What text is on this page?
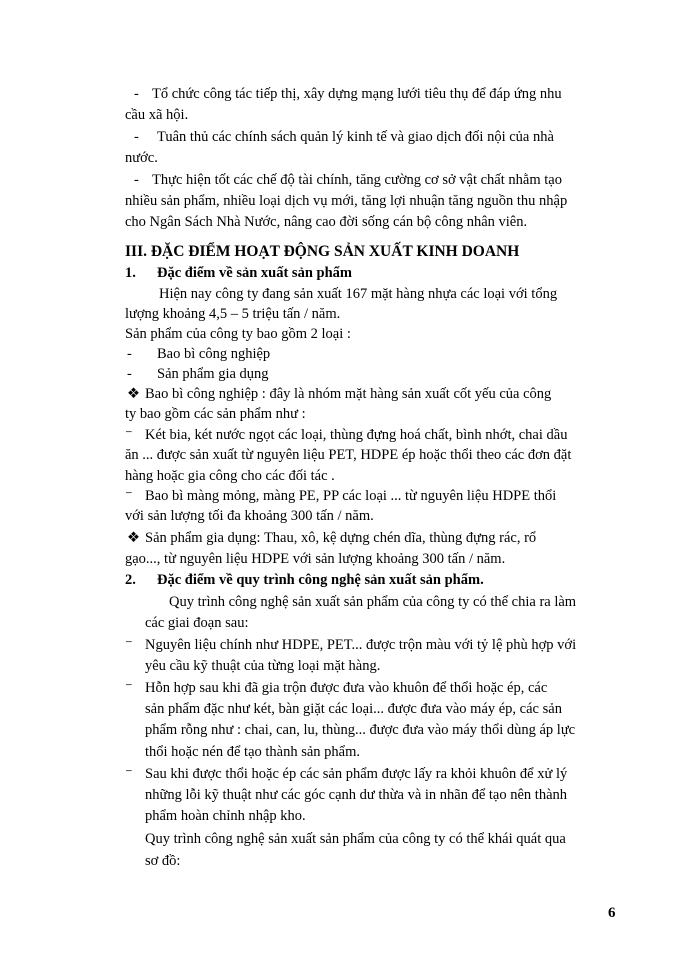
- Tổ chức công tác tiếp thị, xây dựng mạng lưới tiêu thụ để đáp ứng nhu
cầu xã hội.
- Tuân thủ các chính sách quản lý kinh tế và giao dịch đối nội của nhà
nước.
- Thực hiện tốt các chế độ tài chính, tăng cường cơ sở vật chất nhằm tạo
nhiều sản phẩm, nhiều loại dịch vụ mới, tăng lợi nhuận tăng nguồn thu nhập
cho Ngân Sách Nhà Nước, nâng cao đời sống cán bộ công nhân viên.
III. ĐẶC ĐIỂM HOẠT ĐỘNG SẢN XUẤT KINH DOANH
1. Đặc điểm về sản xuất sản phẩm
Hiện nay công ty đang sản xuất 167 mặt hàng nhựa các loại với tổng
lượng khoảng 4,5 – 5 triệu tấn / năm.
Sản phẩm của công ty bao gồm 2 loại :
- Bao bì công nghiệp
- Sản phẩm gia dụng
❖ Bao bì công nghiệp : đây là nhóm mặt hàng sản xuất cốt yếu của công
ty bao gồm các sản phẩm như :
⁻ Két bia, két nước ngọt các loại, thùng đựng hoá chất, bình nhớt, chai dầu
ăn ... được sản xuất từ nguyên liệu PET, HDPE ép hoặc thổi theo các đơn đặt
hàng hoặc gia công cho các đối tác .
⁻ Bao bì màng mỏng, màng PE, PP các loại ... từ nguyên liệu HDPE thổi
với sản lượng tối đa khoảng 300 tấn / năm.
❖ Sản phẩm gia dụng: Thau, xô, kệ dựng chén dĩa, thùng đựng rác, rổ
gạo..., từ nguyên liệu HDPE với sản lượng khoảng 300 tấn / năm.
2. Đặc điểm về quy trình công nghệ sản xuất sản phẩm.
Quy trình công nghệ sản xuất sản phẩm của công ty có thể chia ra làm
các giai đoạn sau:
⁻ Nguyên liệu chính như HDPE, PET... được trộn màu với tỷ lệ phù hợp với
yêu cầu kỹ thuật của từng loại mặt hàng.
⁻ Hỗn hợp sau khi đã gia trộn được đưa vào khuôn để thổi hoặc ép, các
sản phẩm đặc như két, bàn giặt các loại... được đưa vào máy ép, các sản
phẩm rỗng như : chai, can, lu, thùng... được đưa vào máy thổi dùng áp lực
thổi hoặc nén để tạo thành sản phẩm.
⁻ Sau khi được thổi hoặc ép các sản phẩm được lấy ra khỏi khuôn để xử lý
những lỗi kỹ thuật như các góc cạnh dư thừa và in nhãn để tạo nên thành
phẩm hoàn chỉnh nhập kho.
Quy trình công nghệ sản xuất sản phẩm của công ty có thể khái quát qua
sơ đồ:
6
